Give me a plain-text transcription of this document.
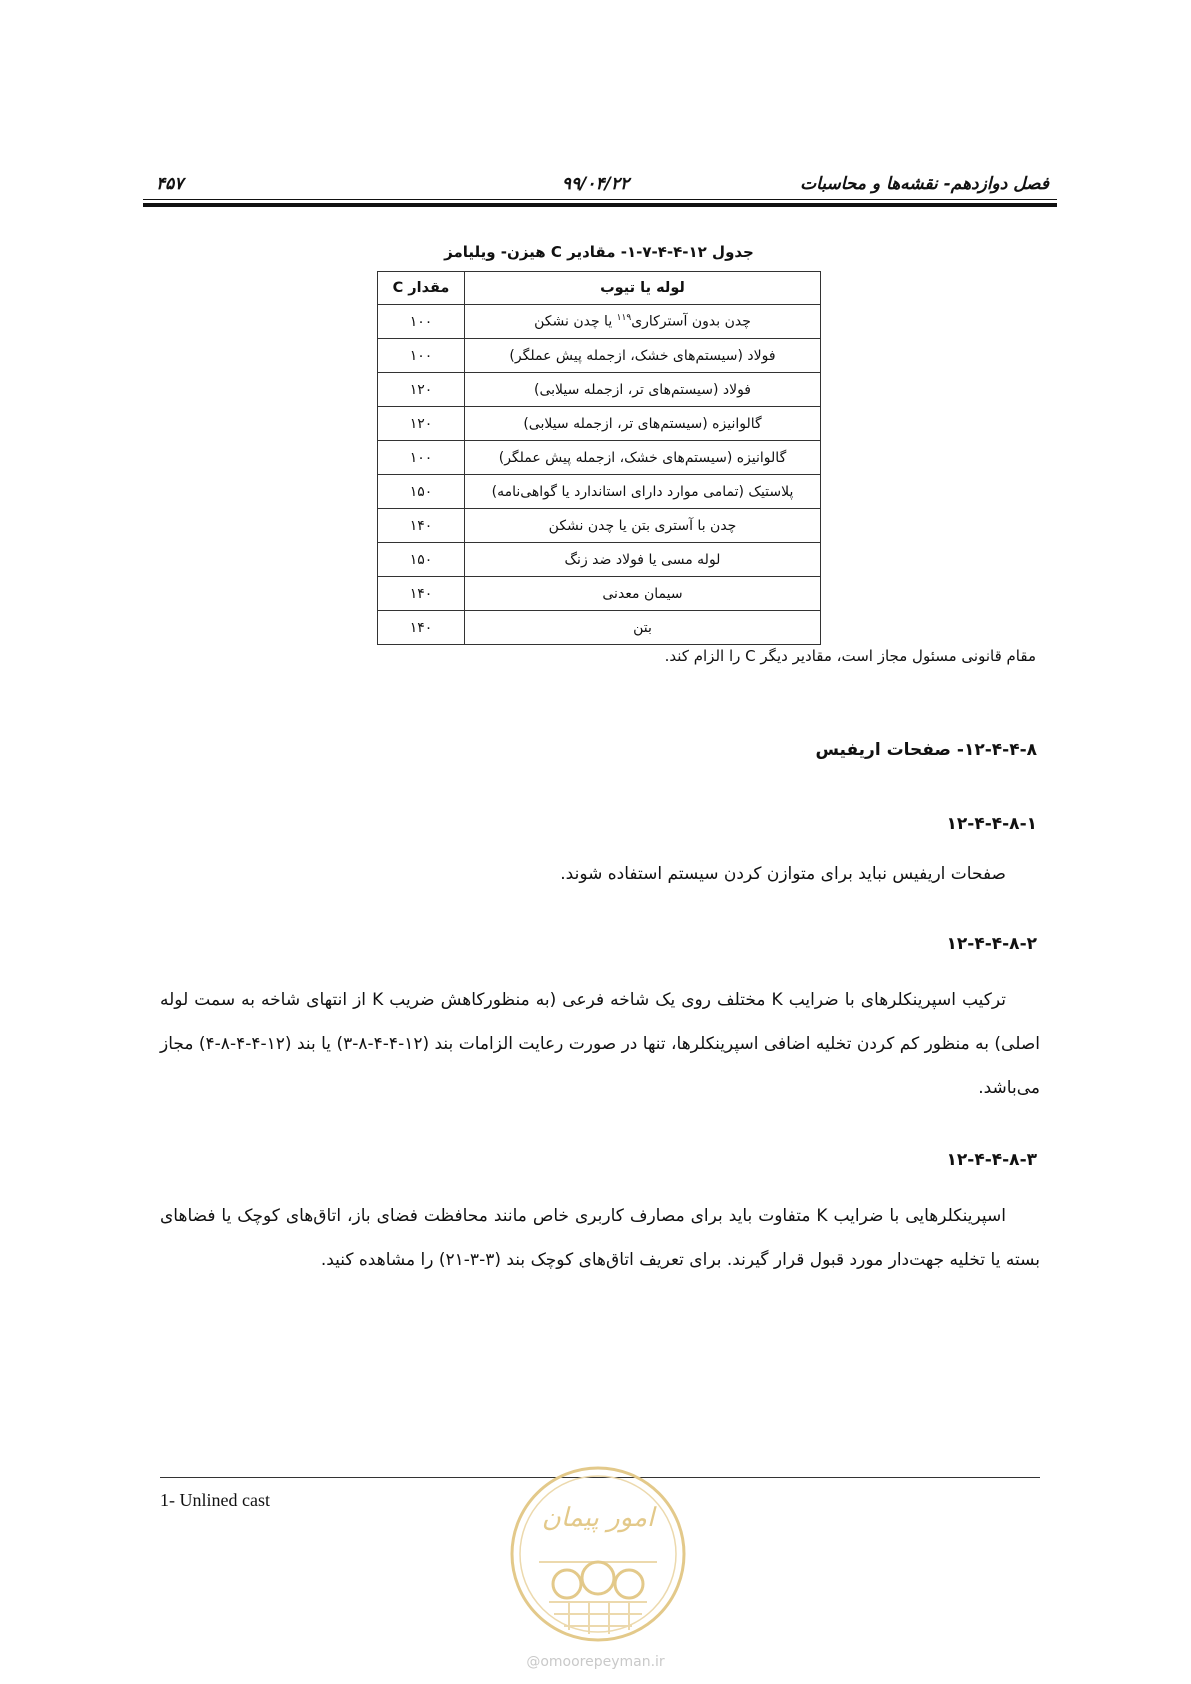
۴۵۷	۹۹/۰۴/۲۲	فصل دوازدهم- نقشه‌ها و محاسبات
جدول ۱۲-۴-۴-۷-۱- مقادیر C هیزن- ویلیامز
لوله یا تیوب	مقدار C
چدن بدون آسترکاری$^{۱۱۹}$ یا چدن نشکن	۱۰۰
فولاد (سیستم‌های خشک، ازجمله پیش عملگر)	۱۰۰
فولاد (سیستم‌های تر، ازجمله سیلابی)	۱۲۰
گالوانیزه (سیستم‌های تر، ازجمله سیلابی)	۱۲۰
گالوانیزه (سیستم‌های خشک، ازجمله پیش عملگر)	۱۰۰
پلاستیک (تمامی موارد دارای استاندارد یا گواهی‌نامه)	۱۵۰
چدن با آستری بتن یا چدن نشکن	۱۴۰
لوله مسی یا فولاد ضد زنگ	۱۵۰
سیمان معدنی	۱۴۰
بتن	۱۴۰
مقام قانونی مسئول مجاز است، مقادیر دیگر C را الزام کند.
۱۲-۴-۴-۸- صفحات اریفیس
۱۲-۴-۴-۸-۱
صفحات اریفیس نباید برای متوازن کردن سیستم استفاده شوند.
۱۲-۴-۴-۸-۲
ترکیب اسپرینکلرهای با ضرایب K مختلف روی یک شاخه فرعی (به منظورکاهش ضریب K از انتهای شاخه به سمت لوله اصلی) به منظور کم کردن تخلیه اضافی اسپرینکلرها، تنها در صورت رعایت الزامات بند (۱۲-۴-۴-۸-۳) یا بند (۱۲-۴-۴-۸-۴) مجاز می‌باشد.
۱۲-۴-۴-۸-۳
اسپرینکلرهایی با ضرایب K متفاوت باید برای مصارف کاربری خاص مانند محافظت فضای باز، اتاق‌های کوچک یا فضاهای بسته یا تخلیه جهت‌دار مورد قبول قرار گیرند. برای تعریف اتاق‌های کوچک بند (۳-۳-۲۱) را مشاهده کنید.
1- Unlined cast
امور پیمان
@omoorepeyman.ir
